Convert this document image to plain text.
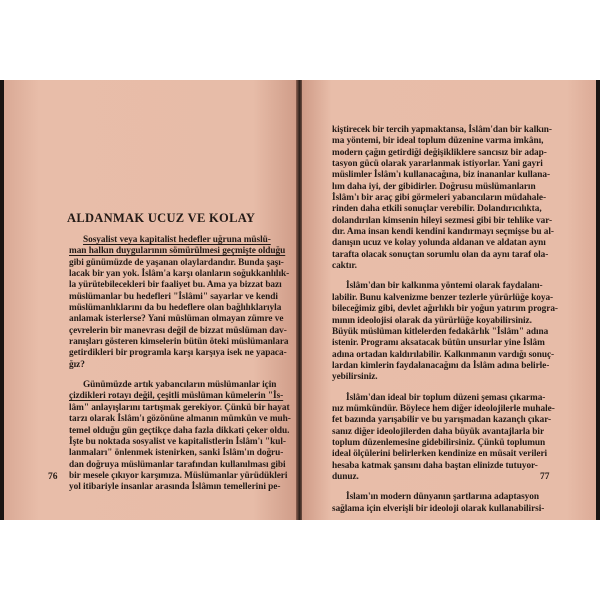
ALDANMAK UCUZ VE KOLAY
Sosyalist veya kapitalist hedefler uğruna müslü-
man halkın duygularının sömürülmesi geçmişte olduğu
gibi günümüzde de yaşanan olaylardandır. Bunda şaşı-
lacak bir yan yok. İslâm'a karşı olanların soğukkanlılık-
la yürütebilecekleri bir faaliyet bu. Ama ya bizzat bazı
müslümanlar bu hedefleri "İslâmi" sayarlar ve kendi
müslümanlıklarını da bu hedeflere olan bağlılıklarıyla
anlamak isterlerse? Yani müslüman olmayan zümre ve
çevrelerin bir manevrası değil de bizzat müslüman dav-
ranışları gösteren kimselerin bütün öteki müslümanlara
getirdikleri bir programla karşı karşıya isek ne yapaca-
ğız?
Günümüzde artık yabancıların müslümanlar için
çizdikleri rotayı değil, çeşitli müslüman kümelerin "İs-
lâm" anlayışlarını tartışmak gerekiyor. Çünkü bir hayat
tarzı olarak İslâm'ı gözönüne almanın mümkün ve muh-
temel olduğu gün geçtikçe daha fazla dikkati çeker oldu.
İşte bu noktada sosyalist ve kapitalistlerin İslâm'ı "kul-
lanmaları" önlenmek istenirken, sanki İslâm'ın doğru-
dan doğruya müslümanlar tarafından kullanılması gibi
bir mesele çıkıyor karşımıza. Müslümanlar yürüdükleri
yol itibariyle insanlar arasında İslâmın temellerini pe-
76
kiştirecek bir tercih yapmaktansa, İslâm'dan bir kalkın-
ma yöntemi, bir ideal toplum düzenine varma imkânı,
modern çağın getirdiği değişikliklere sancısız bir adap-
tasyon gücü olarak yararlanmak istiyorlar. Yani gayri
müslimler İslâm'ı kullanacağına, biz inananlar kullana-
lım daha iyi, der gibidirler. Doğrusu müslümanların
İslâm'ı bir araç gibi görmeleri yabancıların müdahale-
rinden daha etkili sonuçlar verebilir. Dolandırıcılıkta,
dolandırılan kimsenin hileyi sezmesi gibi bir tehlike var-
dır. Ama insan kendi kendini kandırmayı seçmişse bu al-
danışın ucuz ve kolay yolunda aldanan ve aldatan aynı
tarafta olacak sonuçtan sorumlu olan da aynı taraf ola-
caktır.
İslâm'dan bir kalkınma yöntemi olarak faydalanı-
labilir. Bunu kalvenizme benzer tezlerle yürürlüğe koya-
bileceğimiz gibi, devlet ağırlıklı bir yoğun yatırım progra-
mının ideolojisi olarak da yürürlüğe koyabilirsiniz.
Büyük müslüman kitlelerden fedakârlık "İslâm" adına
istenir. Programı aksatacak bütün unsurlar yine İslâm
adına ortadan kaldırılabilir. Kalkınmanın vardığı sonuç-
lardan kimlerin faydalanacağını da İslâm adına belirle-
yebilirsiniz.
İslâm'dan ideal bir toplum düzeni şeması çıkarma-
nız mümkündür. Böylece hem diğer ideolojilerle muhale-
fet bazında yarışabilir ve bu yarışmadan kazançlı çıkar-
sanız diğer ideolojilerden daha büyük avantajlarla bir
toplum düzenlemesine gidebilirsiniz. Çünkü toplumun
ideal ölçülerini belirlerken kendinize en müsait verileri
hesaba katmak şansını daha baştan elinizde tutuyor-
dunuz.
İslam'ın modern dünyanın şartlarına adaptasyon
sağlama için elverişli bir ideoloji olarak kullanabilirsi-
77
